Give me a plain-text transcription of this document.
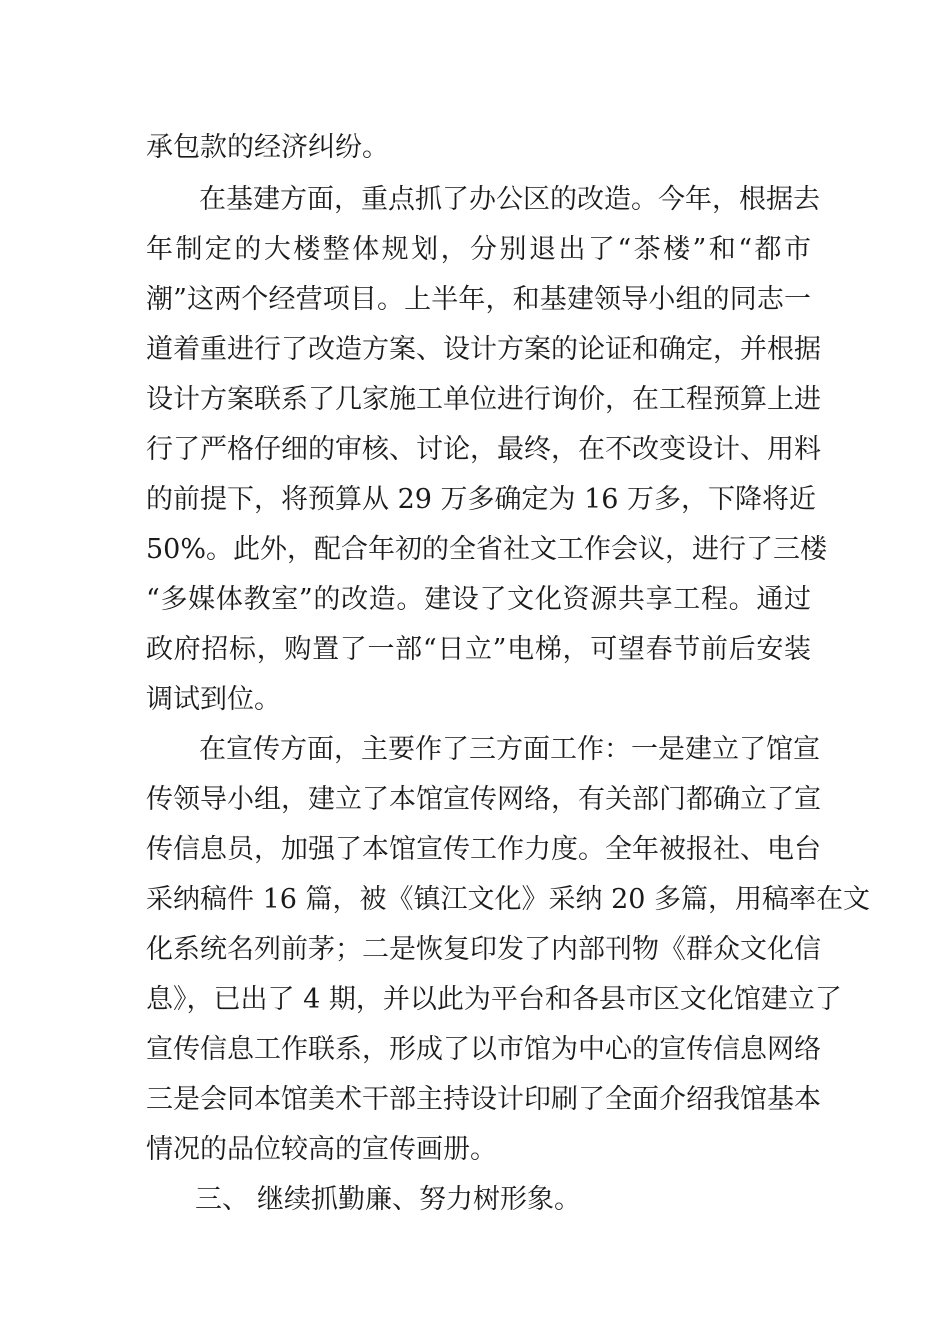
承包款的经济纠纷。
在基建方面，重点抓了办公区的改造。今年，根据去
年制定的大楼整体规划，分别退出了“茶楼”和“都市
潮”这两个经营项目。上半年，和基建领导小组的同志一
道着重进行了改造方案、设计方案的论证和确定，并根据
设计方案联系了几家施工单位进行询价，在工程预算上进
行了严格仔细的审核、讨论，最终，在不改变设计、用料
的前提下，将预算从 29 万多确定为 16 万多，下降将近
50%。此外，配合年初的全省社文工作会议，进行了三楼
“多媒体教室”的改造。建设了文化资源共享工程。通过
政府招标，购置了一部“日立”电梯，可望春节前后安装
调试到位。
在宣传方面，主要作了三方面工作：一是建立了馆宣
传领导小组，建立了本馆宣传网络，有关部门都确立了宣
传信息员，加强了本馆宣传工作力度。全年被报社、电台
采纳稿件 16 篇，被《镇江文化》采纳 20 多篇，用稿率在文
化系统名列前茅；二是恢复印发了内部刊物《群众文化信
息》，已出了 4 期，并以此为平台和各县市区文化馆建立了
宣传信息工作联系，形成了以市馆为中心的宣传信息网络
三是会同本馆美术干部主持设计印刷了全面介绍我馆基本
情况的品位较高的宣传画册。
三、 继续抓勤廉、努力树形象。
